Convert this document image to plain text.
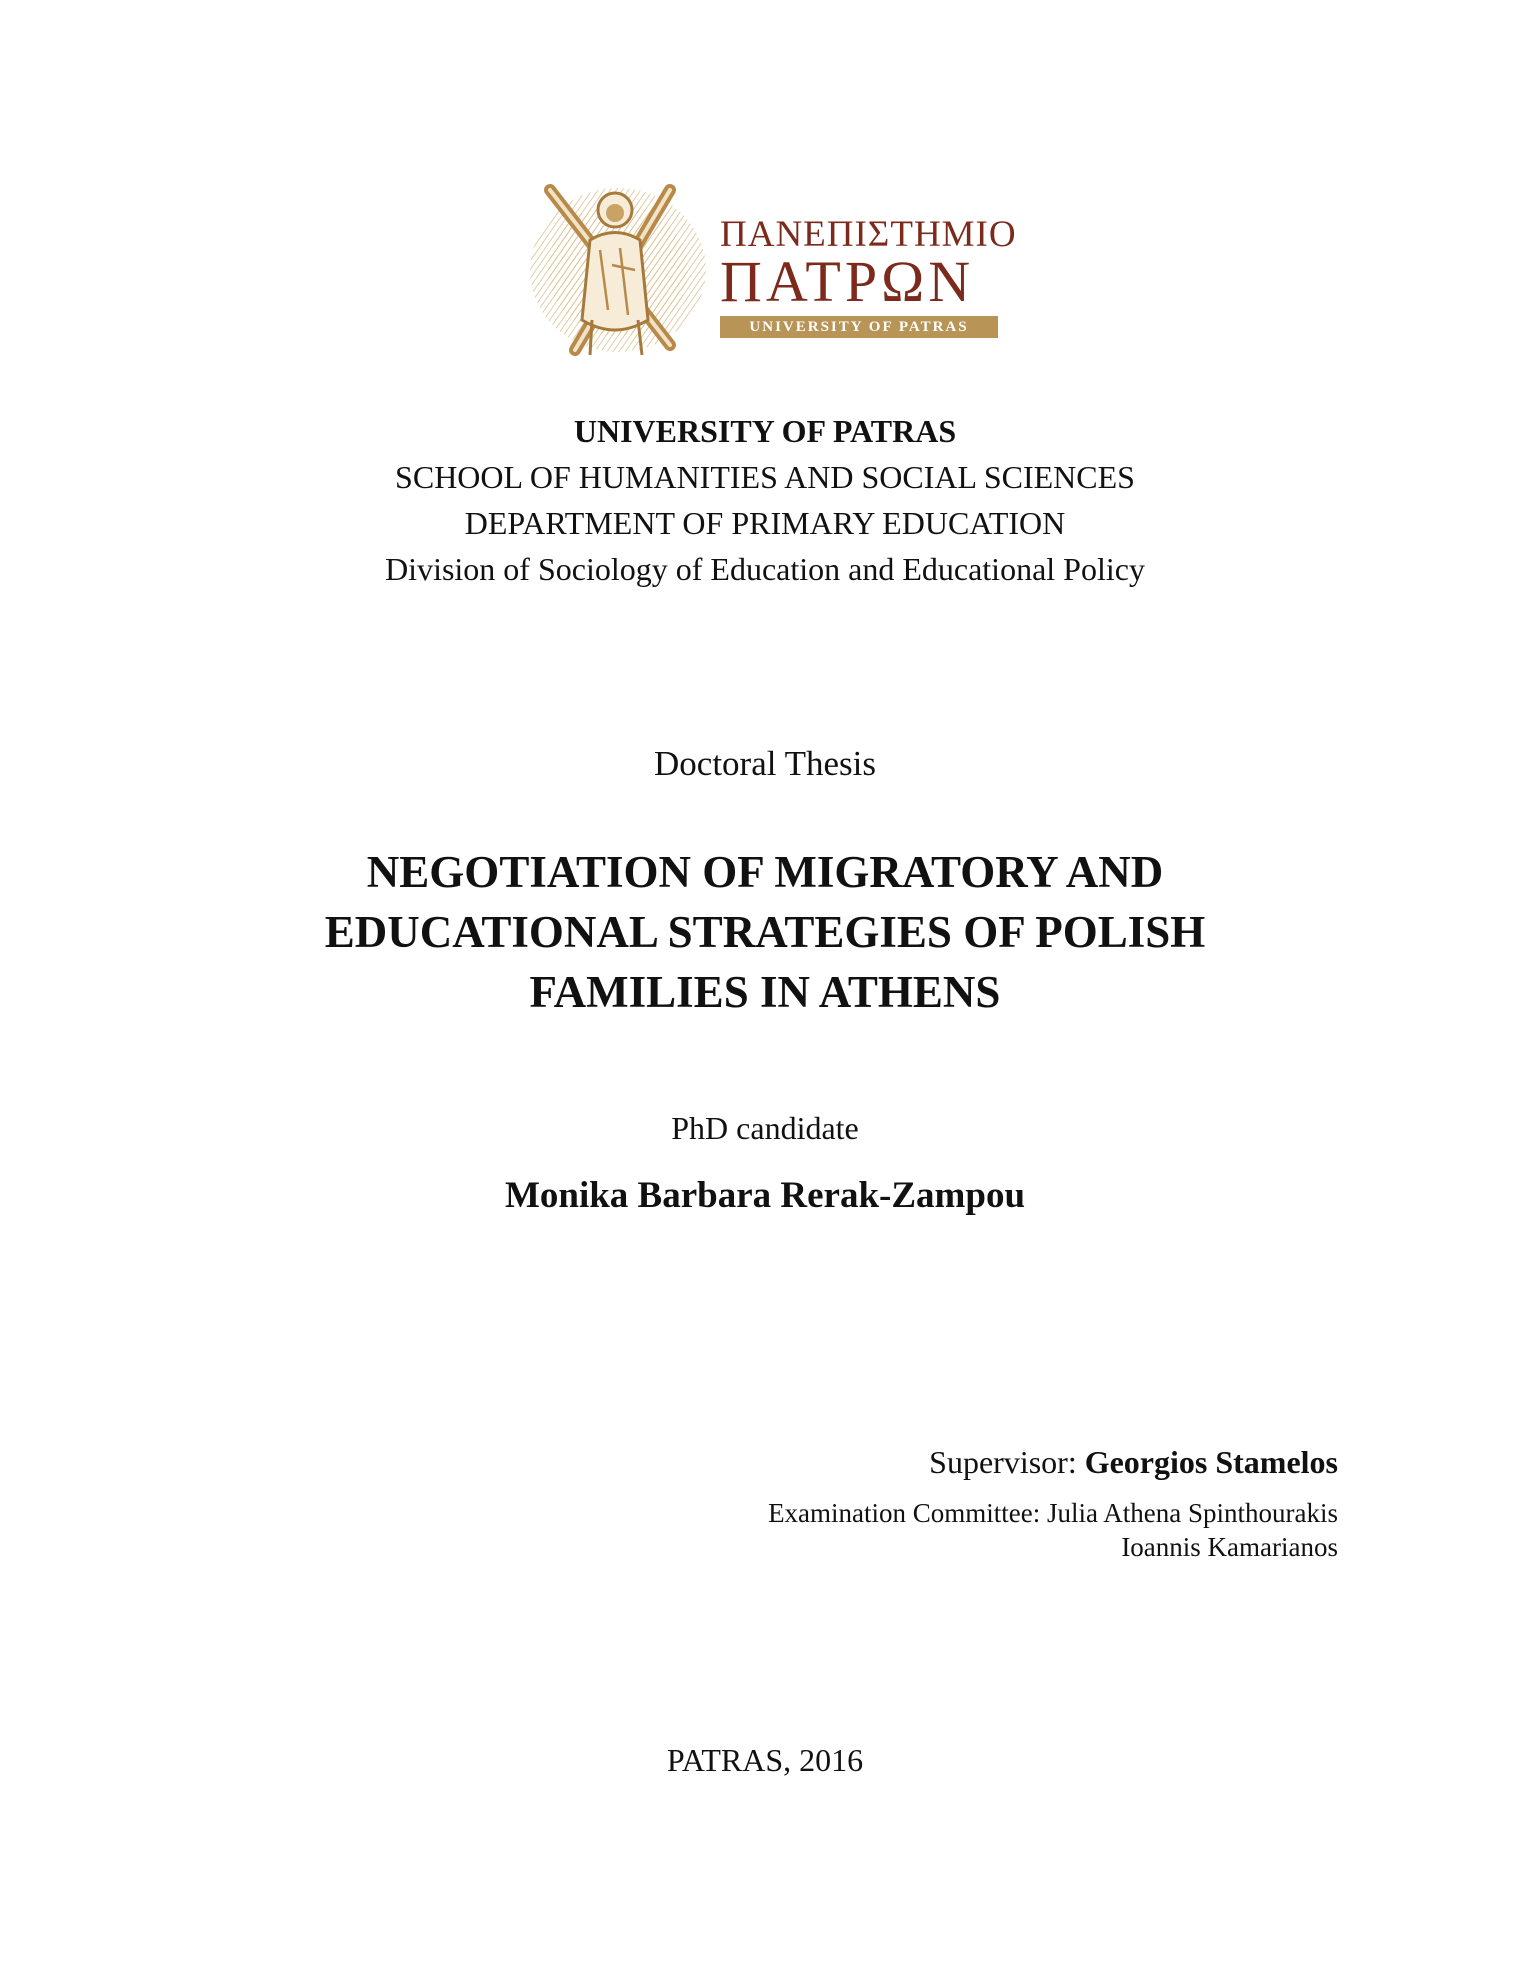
ΠΑΝΕΠΙΣΤΗΜΙΟ
ΠΑΤΡΩΝ
UNIVERSITY OF PATRAS
UNIVERSITY OF PATRAS
SCHOOL OF HUMANITIES AND SOCIAL SCIENCES
DEPARTMENT OF PRIMARY EDUCATION
Division of Sociology of Education and Educational Policy
Doctoral Thesis
NEGOTIATION OF MIGRATORY AND
EDUCATIONAL STRATEGIES OF POLISH
FAMILIES IN ATHENS
PhD candidate
Monika Barbara Rerak-Zampou
Supervisor: Georgios Stamelos
Examination Committee: Julia Athena Spinthourakis
Ioannis Kamarianos
PATRAS, 2016
